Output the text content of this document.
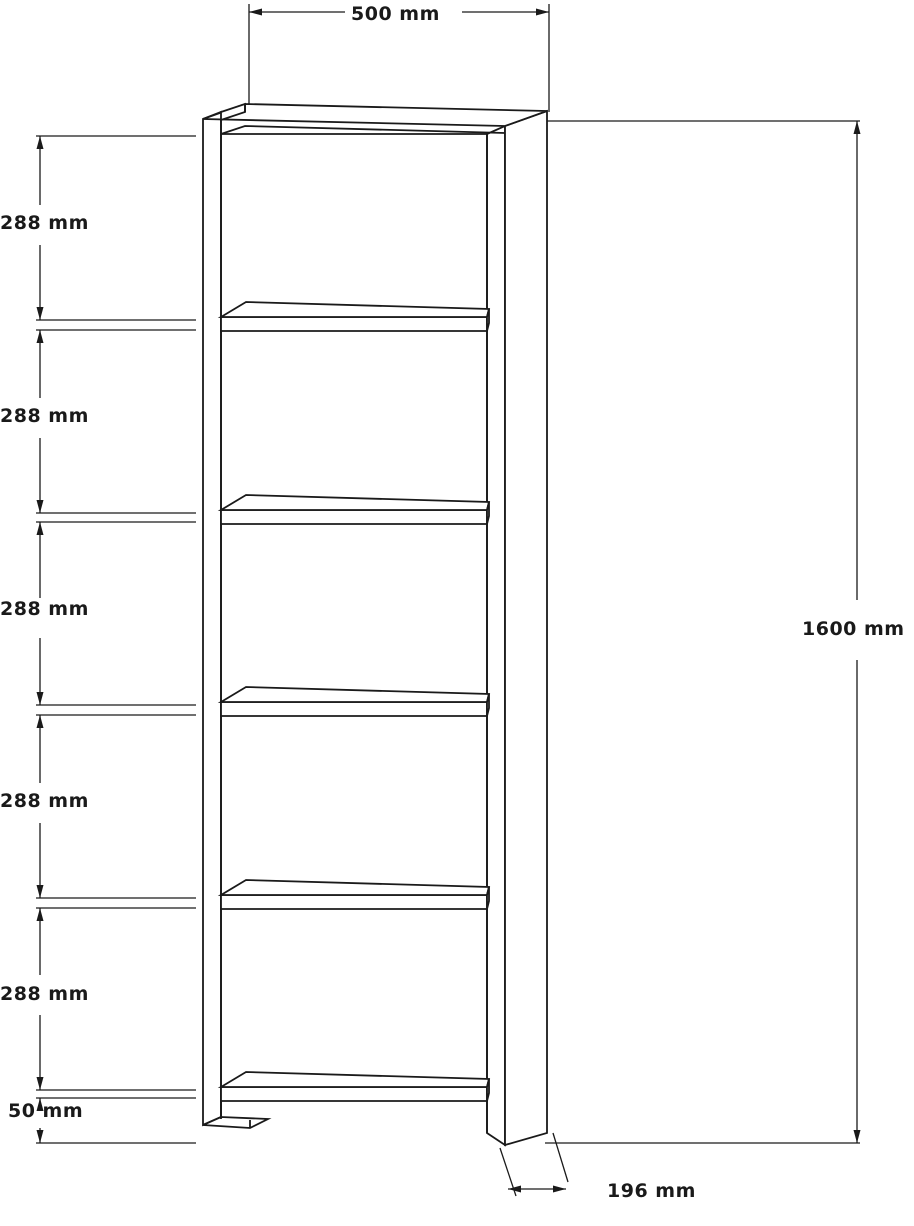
500 mm
1600 mm
196 mm
288 mm
288 mm
288 mm
288 mm
288 mm
50 mm
